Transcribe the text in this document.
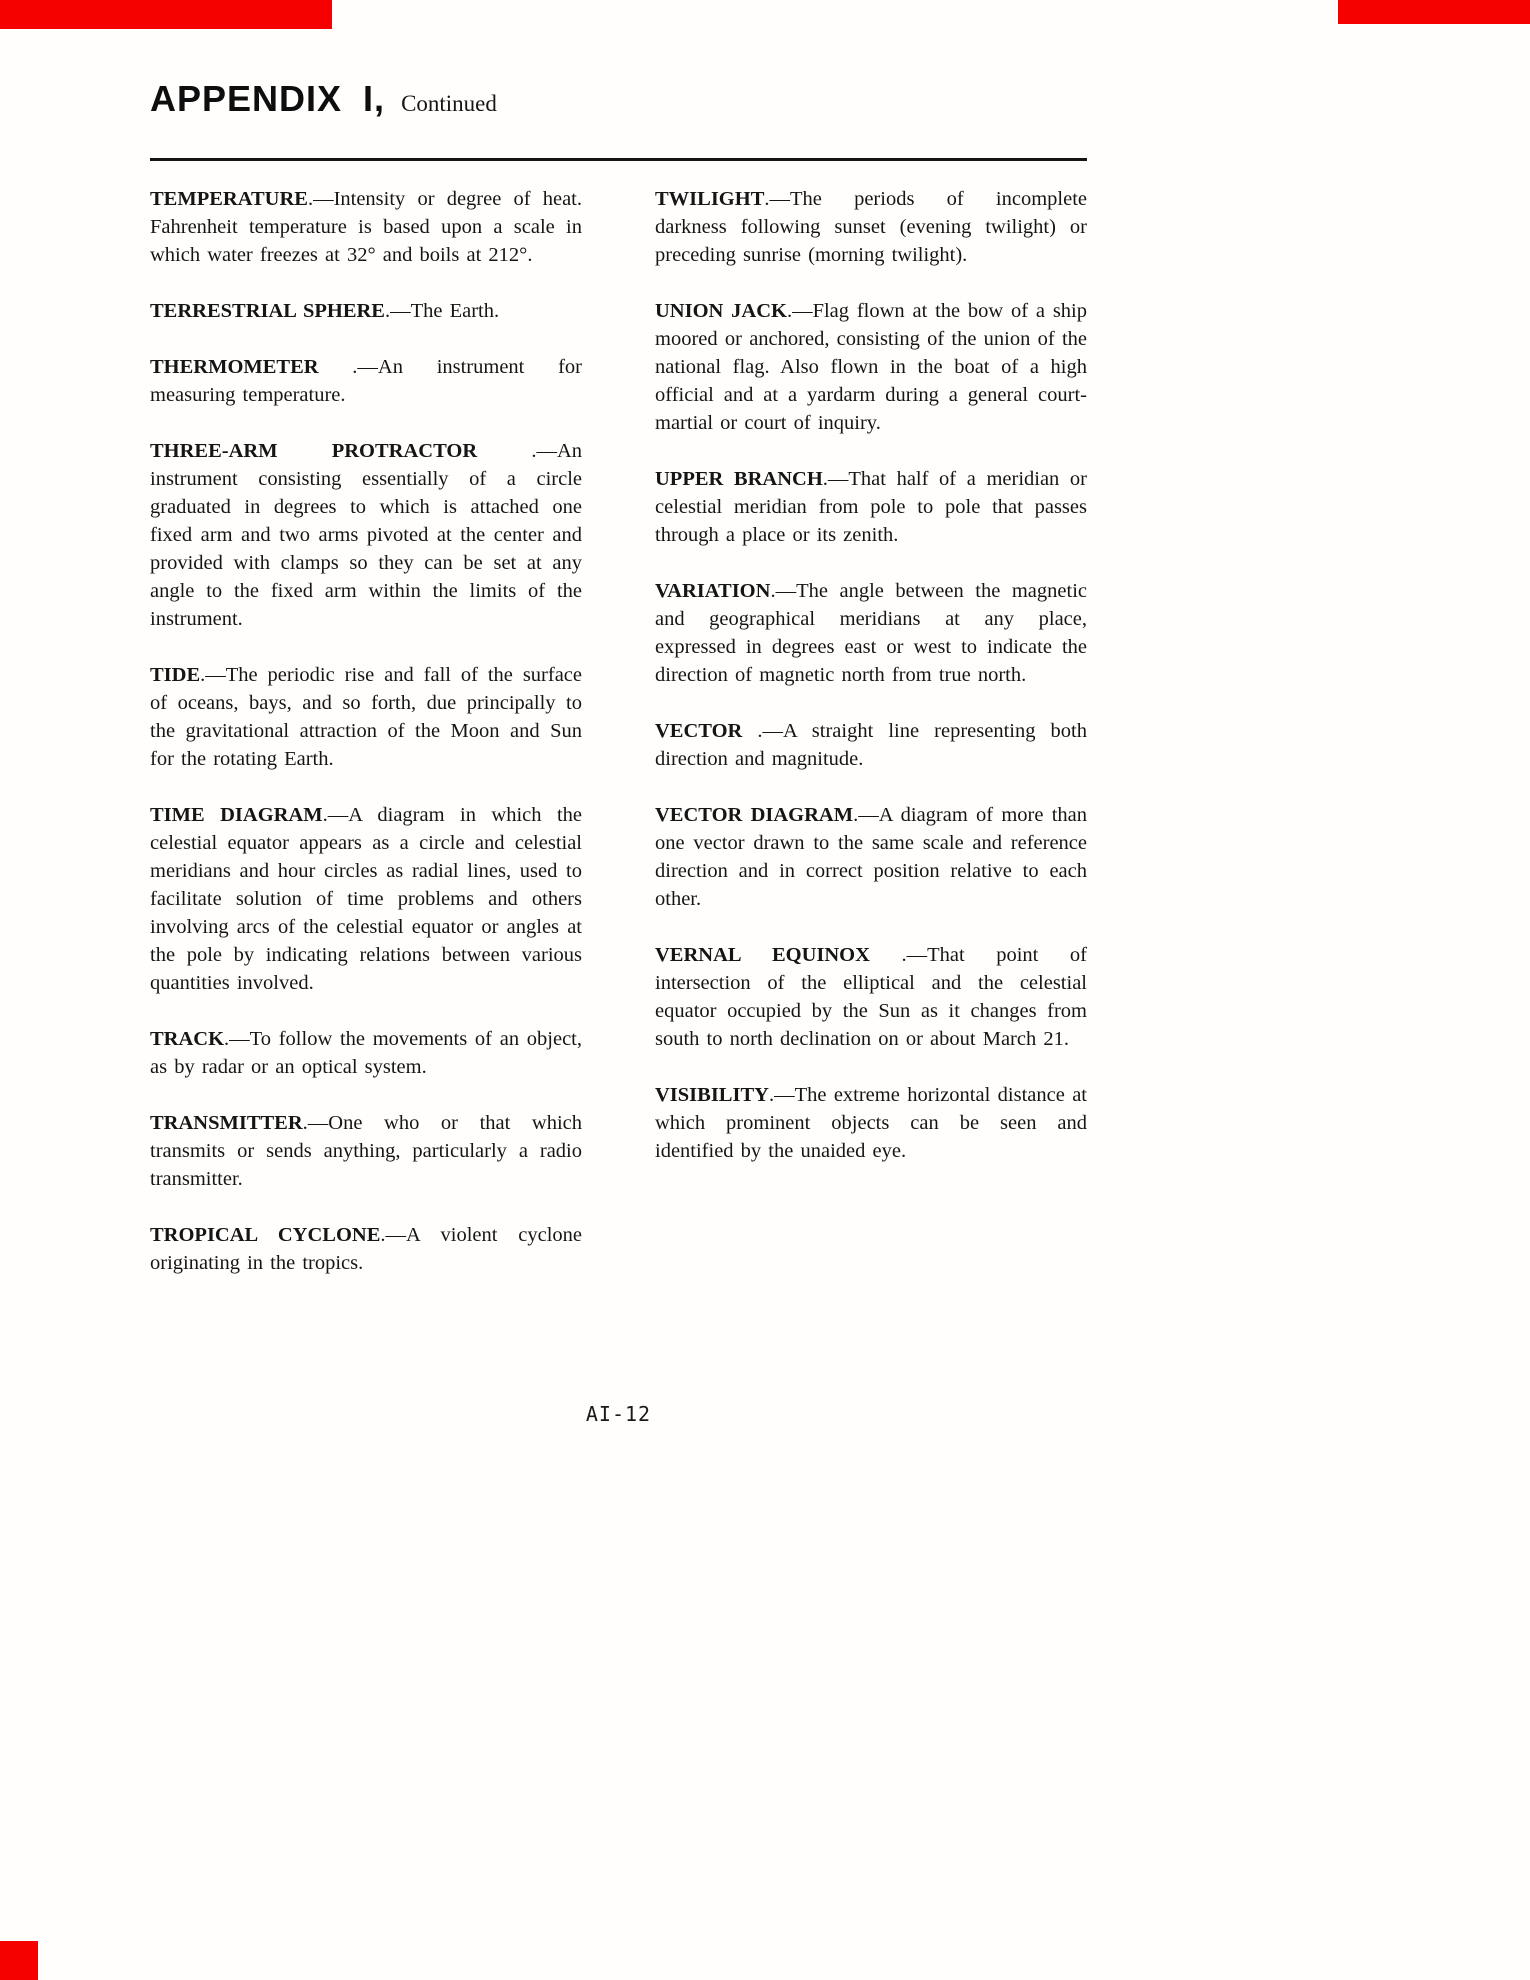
APPENDIX I, Continued

TEMPERATURE.—Intensity or degree of heat. Fahrenheit temperature is based upon a scale in which water freezes at 32° and boils at 212°.

TERRESTRIAL SPHERE.—The Earth.

THERMOMETER .—An instrument for measuring temperature.

THREE-ARM PROTRACTOR .—An instrument consisting essentially of a circle graduated in degrees to which is attached one fixed arm and two arms pivoted at the center and provided with clamps so they can be set at any angle to the fixed arm within the limits of the instrument.

TIDE.—The periodic rise and fall of the surface of oceans, bays, and so forth, due principally to the gravitational attraction of the Moon and Sun for the rotating Earth.

TIME DIAGRAM.—A diagram in which the celestial equator appears as a circle and celestial meridians and hour circles as radial lines, used to facilitate solution of time problems and others involving arcs of the celestial equator or angles at the pole by indicating relations between various quantities involved.

TRACK.—To follow the movements of an object, as by radar or an optical system.

TRANSMITTER.—One who or that which transmits or sends anything, particularly a radio transmitter.

TROPICAL CYCLONE.—A violent cyclone originating in the tropics.

TWILIGHT.—The periods of incomplete darkness following sunset (evening twilight) or preceding sunrise (morning twilight).

UNION JACK.—Flag flown at the bow of a ship moored or anchored, consisting of the union of the national flag. Also flown in the boat of a high official and at a yardarm during a general court-martial or court of inquiry.

UPPER BRANCH.—That half of a meridian or celestial meridian from pole to pole that passes through a place or its zenith.

VARIATION.—The angle between the magnetic and geographical meridians at any place, expressed in degrees east or west to indicate the direction of magnetic north from true north.

VECTOR .—A straight line representing both direction and magnitude.

VECTOR DIAGRAM.—A diagram of more than one vector drawn to the same scale and reference direction and in correct position relative to each other.

VERNAL EQUINOX .—That point of intersection of the elliptical and the celestial equator occupied by the Sun as it changes from south to north declination on or about March 21.

VISIBILITY.—The extreme horizontal distance at which prominent objects can be seen and identified by the unaided eye.

AI-12
